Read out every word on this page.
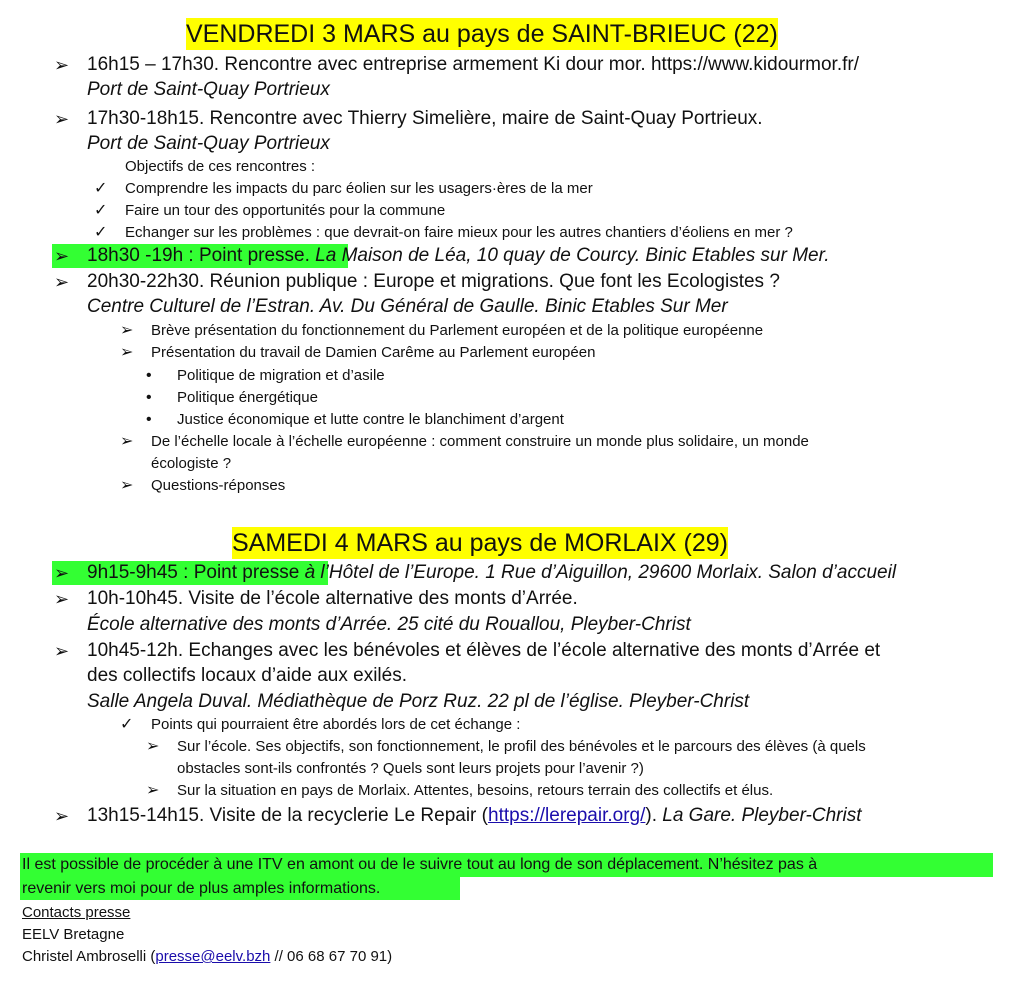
VENDREDI 3 MARS au pays de SAINT-BRIEUC (22)
➢ 16h15 – 17h30. Rencontre avec entreprise armement Ki dour mor. https://www.kidourmor.fr/
Port de Saint-Quay Portrieux
➢ 17h30-18h15. Rencontre avec Thierry Simelière, maire de Saint-Quay Portrieux.
Port de Saint-Quay Portrieux
Objectifs de ces rencontres :
✓ Comprendre les impacts du parc éolien sur les usagers·ères de la mer
✓ Faire un tour des opportunités pour la commune
✓ Echanger sur les problèmes : que devrait-on faire mieux pour les autres chantiers d’éoliens en mer ?
➢ 18h30 -19h : Point presse. La Maison de Léa, 10 quay de Courcy. Binic Etables sur Mer.
➢ 20h30-22h30. Réunion publique : Europe et migrations. Que font les Ecologistes ?
Centre Culturel de l’Estran. Av. Du Général de Gaulle. Binic Etables Sur Mer
➢ Brève présentation du fonctionnement du Parlement européen et de la politique européenne
➢ Présentation du travail de Damien Carême au Parlement européen
• Politique de migration et d’asile
• Politique énergétique
• Justice économique et lutte contre le blanchiment d’argent
➢ De l’échelle locale à l’échelle européenne : comment construire un monde plus solidaire, un monde
écologiste ?
➢ Questions-réponses
SAMEDI 4 MARS au pays de MORLAIX (29)
➢ 9h15-9h45 : Point presse à l’Hôtel de l’Europe. 1 Rue d’Aiguillon, 29600 Morlaix. Salon d’accueil
➢ 10h-10h45. Visite de l’école alternative des monts d’Arrée.
École alternative des monts d’Arrée. 25 cité du Rouallou, Pleyber-Christ
➢ 10h45-12h. Echanges avec les bénévoles et élèves de l’école alternative des monts d’Arrée et
des collectifs locaux d’aide aux exilés.
Salle Angela Duval. Médiathèque de Porz Ruz. 22 pl de l’église. Pleyber-Christ
✓ Points qui pourraient être abordés lors de cet échange :
➢ Sur l’école. Ses objectifs, son fonctionnement, le profil des bénévoles et le parcours des élèves (à quels
obstacles sont-ils confrontés ? Quels sont leurs projets pour l’avenir ?)
➢ Sur la situation en pays de Morlaix. Attentes, besoins, retours terrain des collectifs et élus.
➢ 13h15-14h15. Visite de la recyclerie Le Repair (https://lerepair.org/). La Gare. Pleyber-Christ
Il est possible de procéder à une ITV en amont ou de le suivre tout au long de son déplacement. N’hésitez pas à
revenir vers moi pour de plus amples informations.
Contacts presse
EELV Bretagne
Christel Ambroselli (presse@eelv.bzh // 06 68 67 70 91)
